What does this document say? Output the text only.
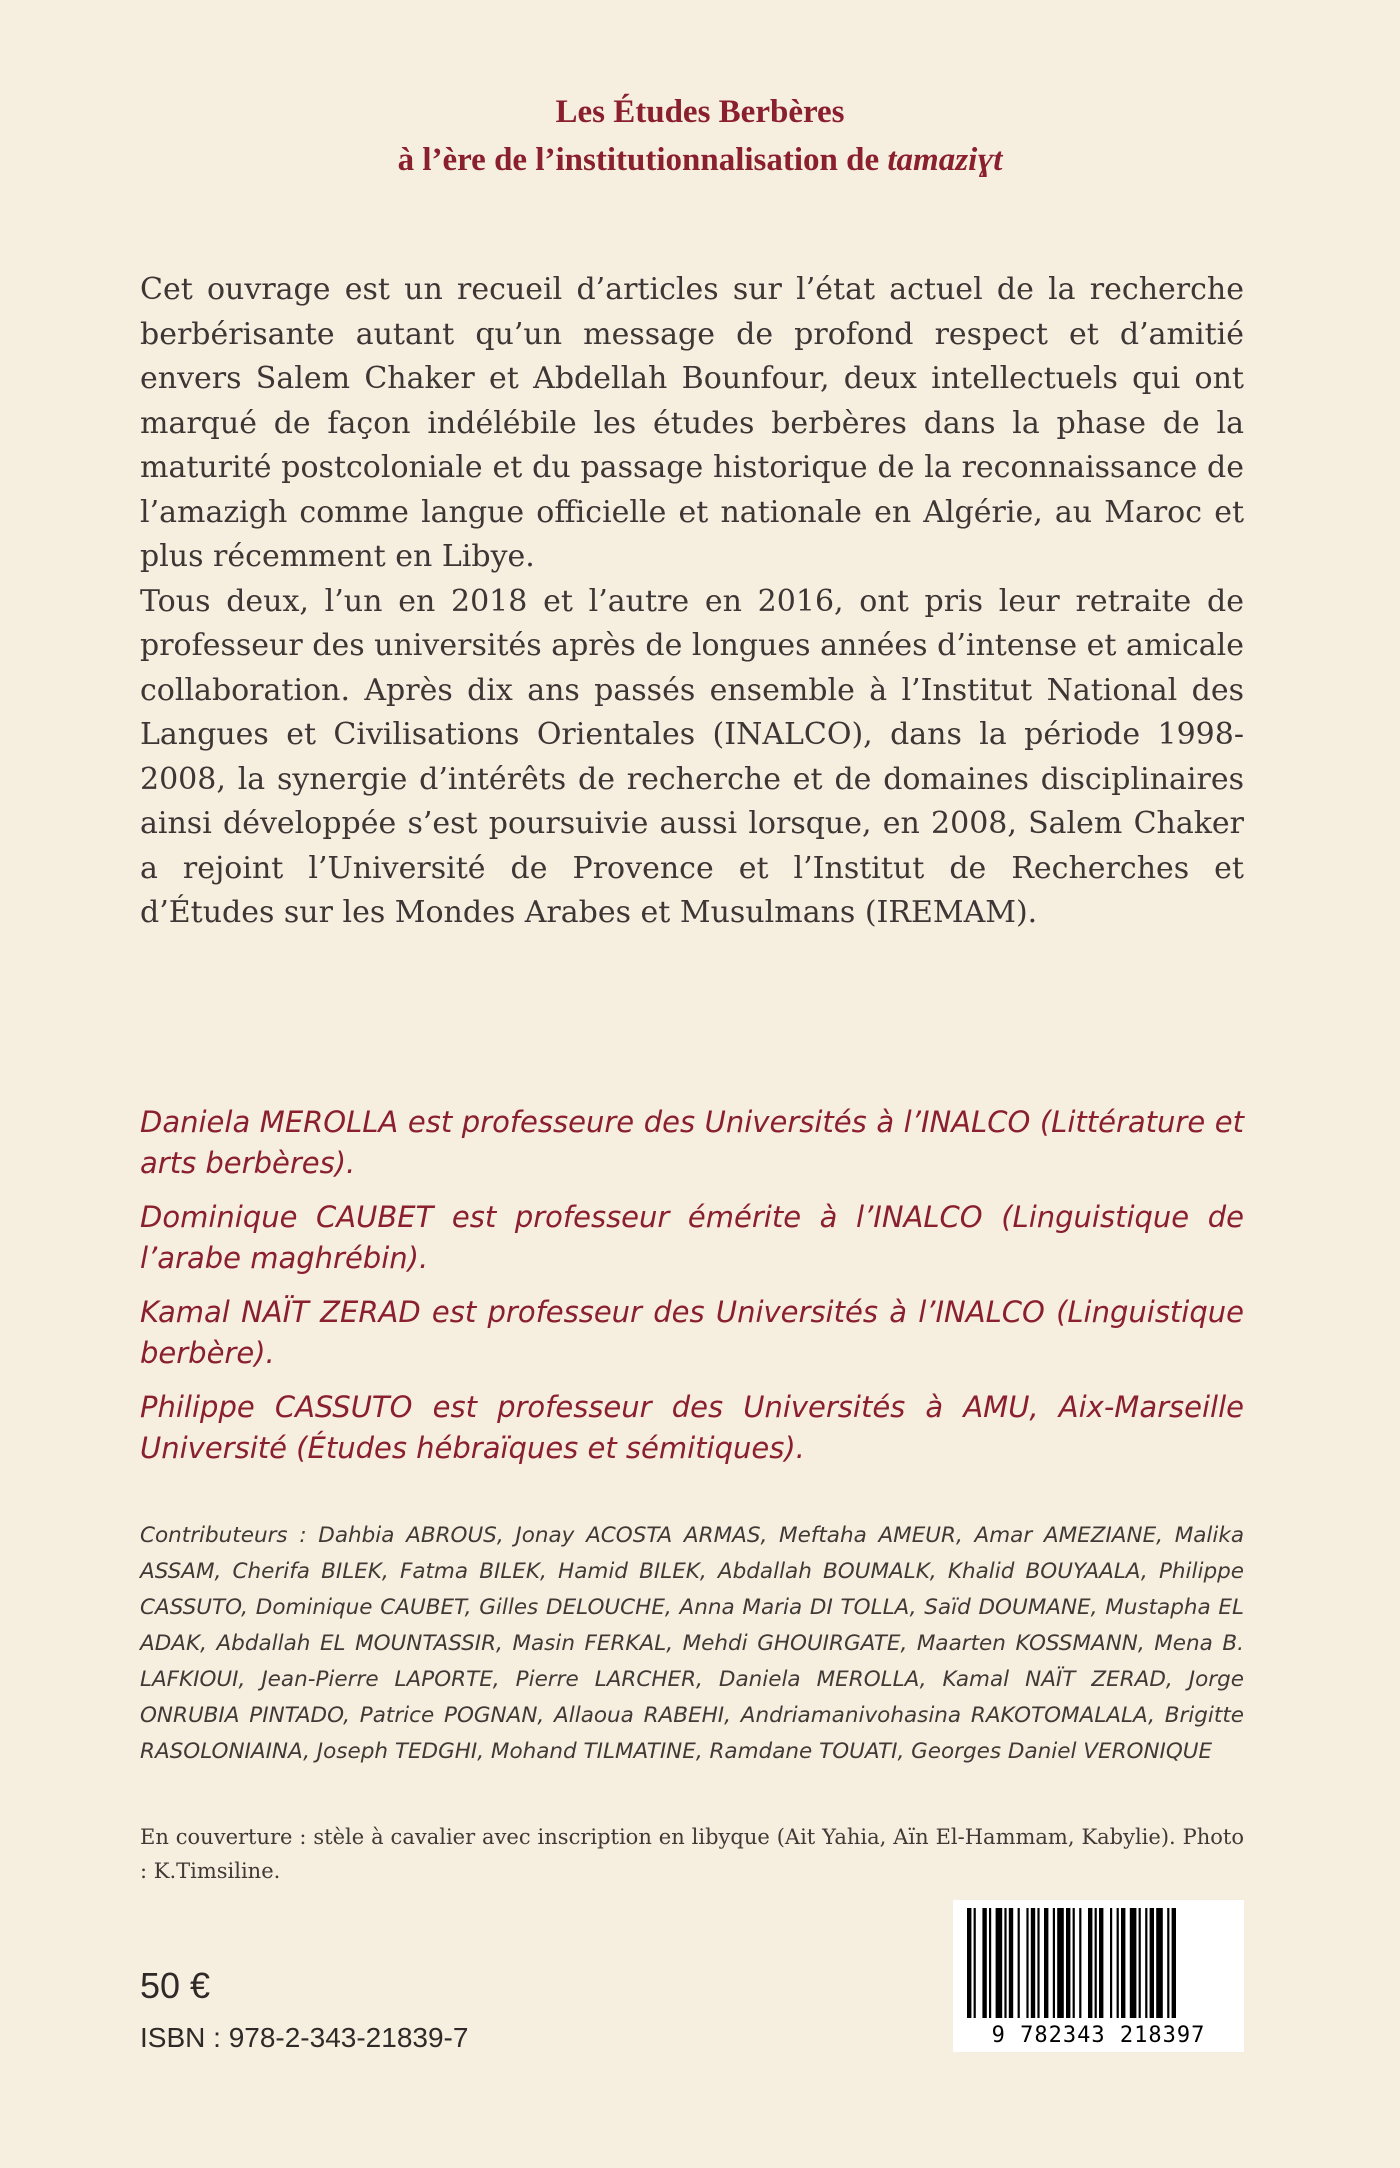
Les Études Berbères
à l’ère de l’institutionnalisation de tamaziɣt

Cet ouvrage est un recueil d’articles sur l’état actuel de la recherche berbérisante autant qu’un message de profond respect et d’amitié envers Salem Chaker et Abdellah Bounfour, deux intellectuels qui ont marqué de façon indélébile les études berbères dans la phase de la maturité postcoloniale et du passage historique de la reconnaissance de l’amazigh comme langue officielle et nationale en Algérie, au Maroc et plus récemment en Libye.

Tous deux, l’un en 2018 et l’autre en 2016, ont pris leur retraite de professeur des universités après de longues années d’intense et amicale collaboration. Après dix ans passés ensemble à l’Institut National des Langues et Civilisations Orientales (INALCO), dans la période 1998-2008, la synergie d’intérêts de recherche et de domaines disciplinaires ainsi développée s’est poursuivie aussi lorsque, en 2008, Salem Chaker a rejoint l’Université de Provence et l’Institut de Recherches et d’Études sur les Mondes Arabes et Musulmans (IREMAM).

Daniela MEROLLA est professeure des Universités à l’INALCO (Littérature et arts berbères).

Dominique CAUBET est professeur émérite à l’INALCO (Linguistique de l’arabe maghrébin).

Kamal NAÏT ZERAD est professeur des Universités à l’INALCO (Linguistique berbère).

Philippe CASSUTO est professeur des Universités à AMU, Aix-Marseille Université (Études hébraïques et sémitiques).

Contributeurs : Dahbia ABROUS, Jonay ACOSTA ARMAS, Meftaha AMEUR, Amar AMEZIANE, Malika ASSAM, Cherifa BILEK, Fatma BILEK, Hamid BILEK, Abdallah BOUMALK, Khalid BOUYAALA, Philippe CASSUTO, Dominique CAUBET, Gilles DELOUCHE, Anna Maria DI TOLLA, Saïd DOUMANE, Mustapha EL ADAK, Abdallah EL MOUNTASSIR, Masin FERKAL, Mehdi GHOUIRGATE, Maarten KOSSMANN, Mena B. LAFKIOUI, Jean-Pierre LAPORTE, Pierre LARCHER, Daniela MEROLLA, Kamal NAÏT ZERAD, Jorge ONRUBIA PINTADO, Patrice POGNAN, Allaoua RABEHI, Andriamanivohasina RAKOTOMALALA, Brigitte RASOLONIAINA, Joseph TEDGHI, Mohand TILMATINE, Ramdane TOUATI, Georges Daniel VERONIQUE
En couverture : stèle à cavalier avec inscription en libyque (Ait Yahia, Aïn El-Hammam, Kabylie). Photo : K.Timsiline.
50 €
ISBN : 978-2-343-21839-7	9 782343 218397
